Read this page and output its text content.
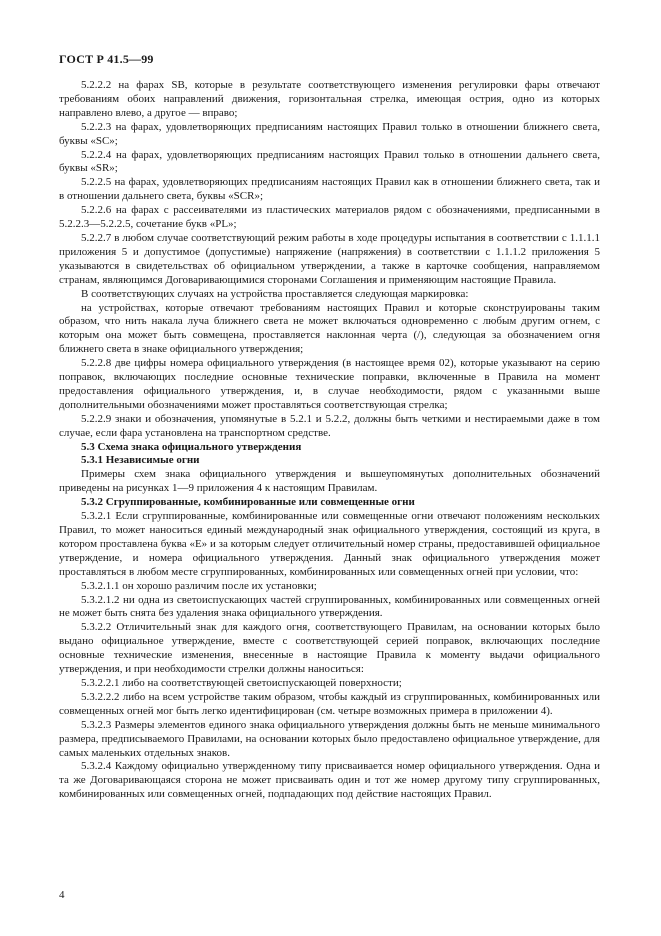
ГОСТ Р 41.5—99

5.2.2.2 на фарах SB, которые в результате соответствующего изменения регулировки фары отвечают требованиям обоих направлений движения, горизонтальная стрелка, имеющая острия, одно из которых направлено влево, а другое — вправо;

5.2.2.3 на фарах, удовлетворяющих предписаниям настоящих Правил только в отношении ближнего света, буквы «SC»;

5.2.2.4 на фарах, удовлетворяющих предписаниям настоящих Правил только в отношении дальнего света, буквы «SR»;

5.2.2.5 на фарах, удовлетворяющих предписаниям настоящих Правил как в отношении ближнего света, так и в отношении дальнего света, буквы «SCR»;

5.2.2.6 на фарах с рассеивателями из пластических материалов рядом с обозначениями, предписанными в 5.2.2.3—5.2.2.5, сочетание букв «PL»;

5.2.2.7 в любом случае соответствующий режим работы в ходе процедуры испытания в соответствии с 1.1.1.1 приложения 5 и допустимое (допустимые) напряжение (напряжения) в соответствии с 1.1.1.2 приложения 5 указываются в свидетельствах об официальном утверждении, а также в карточке сообщения, направляемом странам, являющимся Договаривающимися сторонами Соглашения и применяющим настоящие Правила.

В соответствующих случаях на устройства проставляется следующая маркировка:

на устройствах, которые отвечают требованиям настоящих Правил и которые сконструированы таким образом, что нить накала луча ближнего света не может включаться одновременно с любым другим огнем, с которым она может быть совмещена, проставляется наклонная черта (/), следующая за обозначением огня ближнего света в знаке официального утверждения;

5.2.2.8 две цифры номера официального утверждения (в настоящее время 02), которые указывают на серию поправок, включающих последние основные технические поправки, включенные в Правила на момент предоставления официального утверждения, и, в случае необходимости, рядом с указанными выше дополнительными обозначениями может проставляться соответствующая стрелка;

5.2.2.9 знаки и обозначения, упомянутые в 5.2.1 и 5.2.2, должны быть четкими и нестираемыми даже в том случае, если фара установлена на транспортном средстве.

5.3 Схема знака официального утверждения

5.3.1 Независимые огни

Примеры схем знака официального утверждения и вышеупомянутых дополнительных обозначений приведены на рисунках 1—9 приложения 4 к настоящим Правилам.

5.3.2 Сгруппированные, комбинированные или совмещенные огни

5.3.2.1 Если сгруппированные, комбинированные или совмещенные огни отвечают положениям нескольких Правил, то может наноситься единый международный знак официального утверждения, состоящий из круга, в котором проставлена буква «Е» и за которым следует отличительный номер страны, предоставившей официальное утверждение, и номера официального утверждения. Данный знак официального утверждения может проставляться в любом месте сгруппированных, комбинированных или совмещенных огней при условии, что:

5.3.2.1.1 он хорошо различим после их установки;

5.3.2.1.2 ни одна из светоиспускающих частей сгруппированных, комбинированных или совмещенных огней не может быть снята без удаления знака официального утверждения.

5.3.2.2 Отличительный знак для каждого огня, соответствующего Правилам, на основании которых было выдано официальное утверждение, вместе с соответствующей серией поправок, включающих последние основные технические изменения, внесенные в настоящие Правила к моменту выдачи официального утверждения, и при необходимости стрелки должны наноситься:

5.3.2.2.1 либо на соответствующей светоиспускающей поверхности;

5.3.2.2.2 либо на всем устройстве таким образом, чтобы каждый из сгруппированных, комбинированных или совмещенных огней мог быть легко идентифицирован (см. четыре возможных примера в приложении 4).

5.3.2.3 Размеры элементов единого знака официального утверждения должны быть не меньше минимального размера, предписываемого Правилами, на основании которых было предоставлено официальное утверждение, для самых маленьких отдельных знаков.

5.3.2.4 Каждому официально утвержденному типу присваивается номер официального утверждения. Одна и та же Договаривающаяся сторона не может присваивать один и тот же номер другому типу сгруппированных, комбинированных или совмещенных огней, подпадающих под действие настоящих Правил.

4
